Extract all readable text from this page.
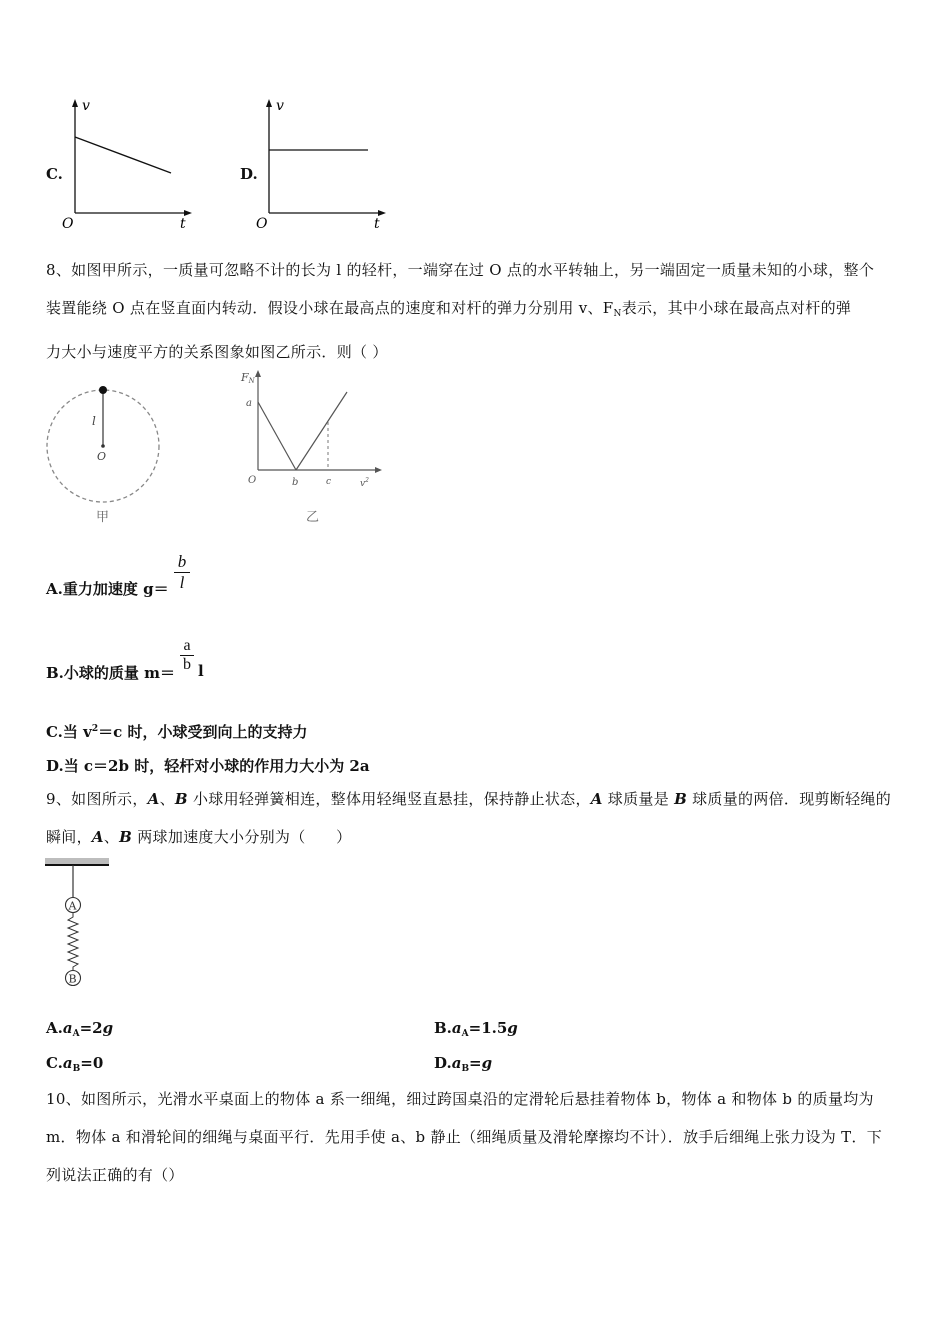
C.
v
t
O
D.
v
t
O
8、如图甲所示，一质量可忽略不计的长为 l 的轻杆，一端穿在过 O 点的水平转轴上，另一端固定一质量未知的小球，整个
装置能绕 O 点在竖直面内转动．假设小球在最高点的速度和对杆的弹力分别用 v、$F_N$表示，其中小球在最高点对杆的弹
力大小与速度平方的关系图象如图乙所示．则（ ）
l
O
甲
FN
a
O	b	c	$v^2$
乙
A.重力加速度 $g= \frac{b}{l}$
B.小球的质量 $m= \frac{a}{b}$ l
C.当 $v^2=c$ 时，小球受到向上的支持力
D.当 c＝2b 时，轻杆对小球的作用力大小为 2a
9、如图所示，A、B 小球用轻弹簧相连，整体用轻绳竖直悬挂，保持静止状态，A 球质量是 B 球质量的两倍．现剪断轻绳的
瞬间，A、B 两球加速度大小分别为（　　）
A
B
$A.a_A=2g$	$B.a_A=1.5g$
$C.a_B=0$	$D.a_B=g$
10、如图所示，光滑水平桌面上的物体 a 系一细绳，细过跨国桌沿的定滑轮后悬挂着物体 b，物体 a 和物体 b 的质量均为
m．物体 a 和滑轮间的细绳与桌面平行．先用手使 a、b 静止（细绳质量及滑轮摩擦均不计）．放手后细绳上张力设为 T．下
列说法正确的有（）
